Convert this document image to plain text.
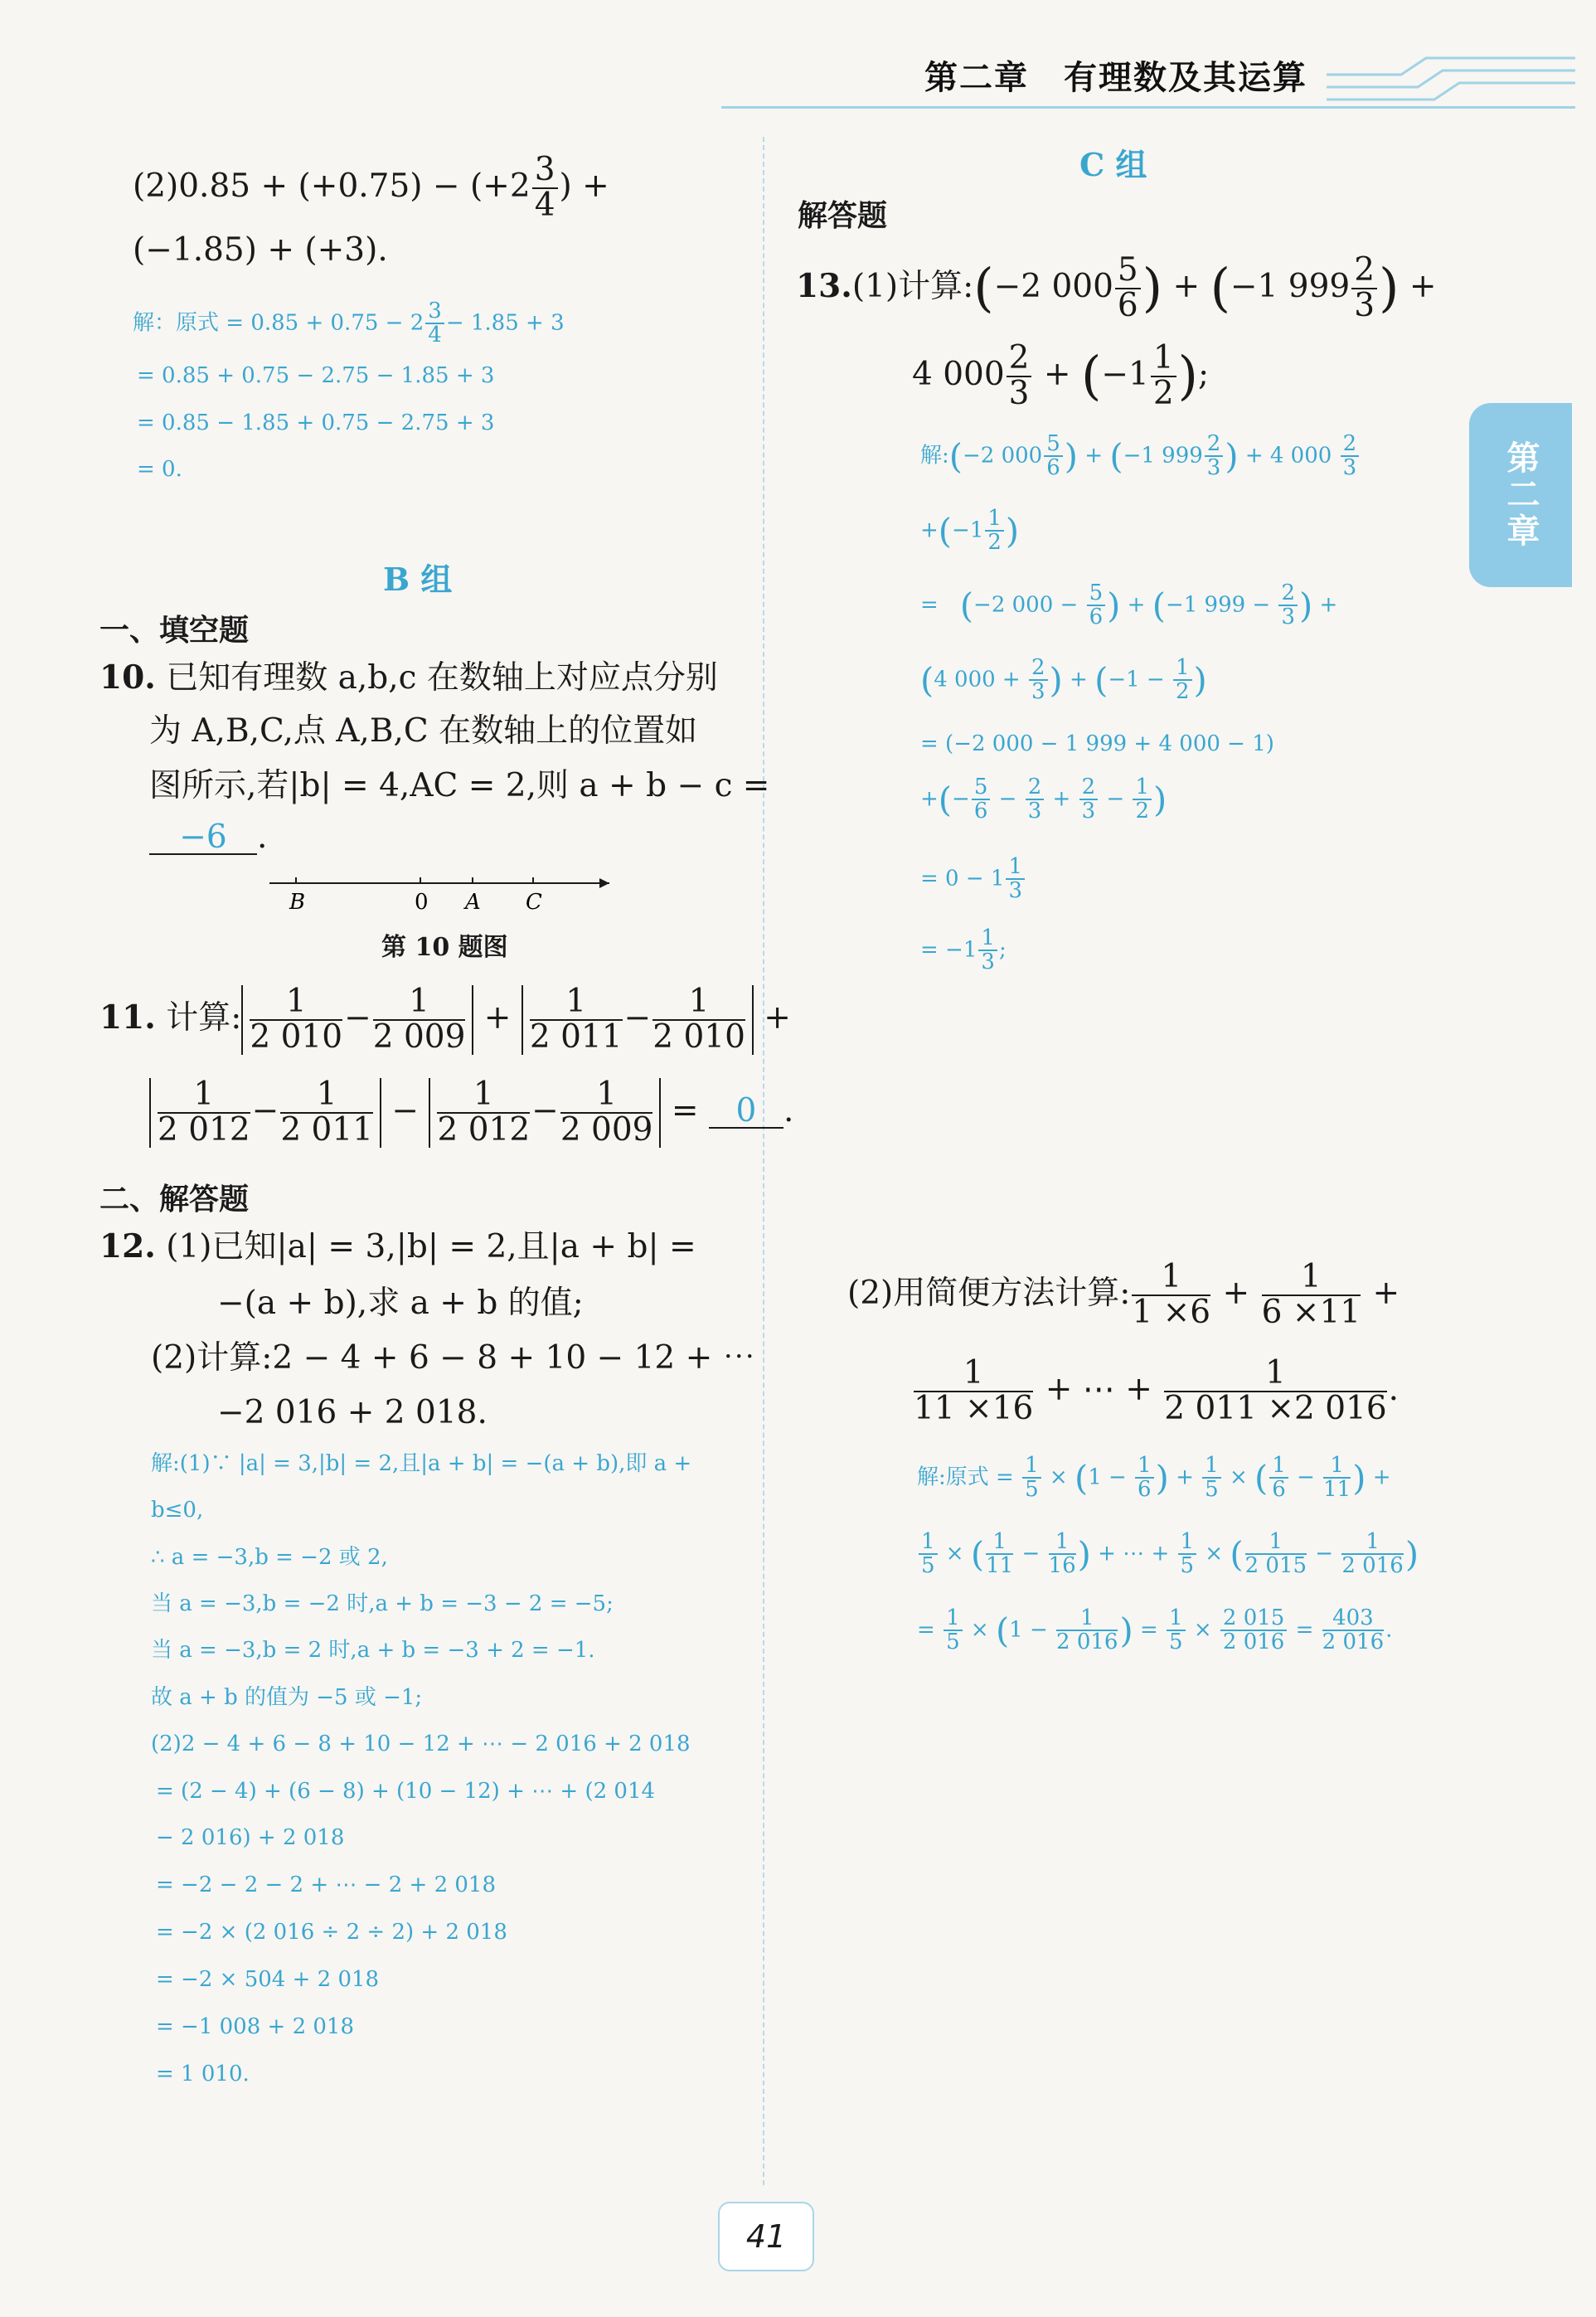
第二章　有理数及其运算
第二章
$(2)0.85 + (+0.75) - (+2 \frac{3}{4}$ ) +
(−1.85) + (+3).
解：原式 = $0.85 + 0.75 - 2 \frac{3}{4} - 1.85 + 3$
= 0.85 + 0.75 − 2.75 − 1.85 + 3
= 0.85 − 1.85 + 0.75 − 2.75 + 3
= 0.
B 组
一、填空题
10. 已知有理数 a,b,c 在数轴上对应点分别
为 A,B,C,点 A,B,C 在数轴上的位置如
图所示,若|b| = 4,AC = 2,则 a + b − c =
−6 .
B	0 A C
第 10 题图
11. 计算: $\frac{1}{2 010} - \frac{1}{2 009} + \frac{1}{2 011} - \frac{1}{2 010}$ +
$\frac{1}{2 012} - \frac{1}{2 011} - \frac{1}{2 012} - \frac{1}{2 009} = 0$ .
二、解答题
12. (1)已知|a| = 3,|b| = 2,且|a + b| =
−(a + b),求 a + b 的值;
(2)计算:2 − 4 + 6 − 8 + 10 − 12 + ⋯
−2 016 + 2 018.
解:(1)∵ |a| = 3,|b| = 2,且|a + b| = −(a + b),即 a +
b≤0,
∴ a = −3,b = −2 或 2,
当 a = −3,b = −2 时,a + b = −3 − 2 = −5;
当 a = −3,b = 2 时,a + b = −3 + 2 = −1.
故 a + b 的值为 −5 或 −1;
(2)2 − 4 + 6 − 8 + 10 − 12 + ⋯ − 2 016 + 2 018
= (2 − 4) + (6 − 8) + (10 − 12) + ⋯ + (2 014
− 2 016) + 2 018
= −2 − 2 − 2 + ⋯ − 2 + 2 018
= −2 × (2 016 ÷ 2 ÷ 2) + 2 018
= −2 × 504 + 2 018
= −1 008 + 2 018
= 1 010.
C 组
解答题
13.(1)计算:(−2 $000 \frac{5}{6}$ ) + (−1 $999 \frac{2}{3}$ ) +
4 $000 \frac{2}{3} + (-1 \frac{1}{2}$ );
解:(−2 $000 \frac{5}{6}$ ) + (−1 $999 \frac{2}{3}$ ) + 4 $000 \frac{2}{3}$
$+(-1 \frac{1}{2}$ )
=　 (−2 $000 - \frac{5}{6}$ ) + (−1 $999 - \frac{2}{3}$ ) +
(4 $000 + \frac{2}{3}$ ) + ($-1 - \frac{1}{2}$ )
= (−2 000 − 1 999 + 4 000 − 1)
+(− $\frac{5}{6} - \frac{2}{3} + \frac{2}{3} - \frac{1}{2}$ )
= $0 - 1 \frac{1}{3}$
= $-1 \frac{1}{3}$ ;
(2)用简便方法计算: $\frac{1}{1 \times 6} + \frac{1}{6 \times 11}$ +
$\frac{1}{11 \times 16}$ + ⋯ + $\frac{1}{2 011 \times 2 016}$ .
解:原式 = $\frac{1}{5} \times (1 - \frac{1}{6}$ ) + $\frac{1}{5}$ × ( $\frac{1}{6} - \frac{1}{11}$ ) +
$\frac{1}{5}$ × ( $\frac{1}{11} - \frac{1}{16}$ ) + ⋯ + $\frac{1}{5}$ × ( $\frac{1}{2 015} - \frac{1}{2 016}$ )
= $\frac{1}{5} \times (1 - \frac{1}{2 016}$ ) = $\frac{1}{5} \times \frac{2 015}{2 016} = \frac{403}{2 016}$ .
41
